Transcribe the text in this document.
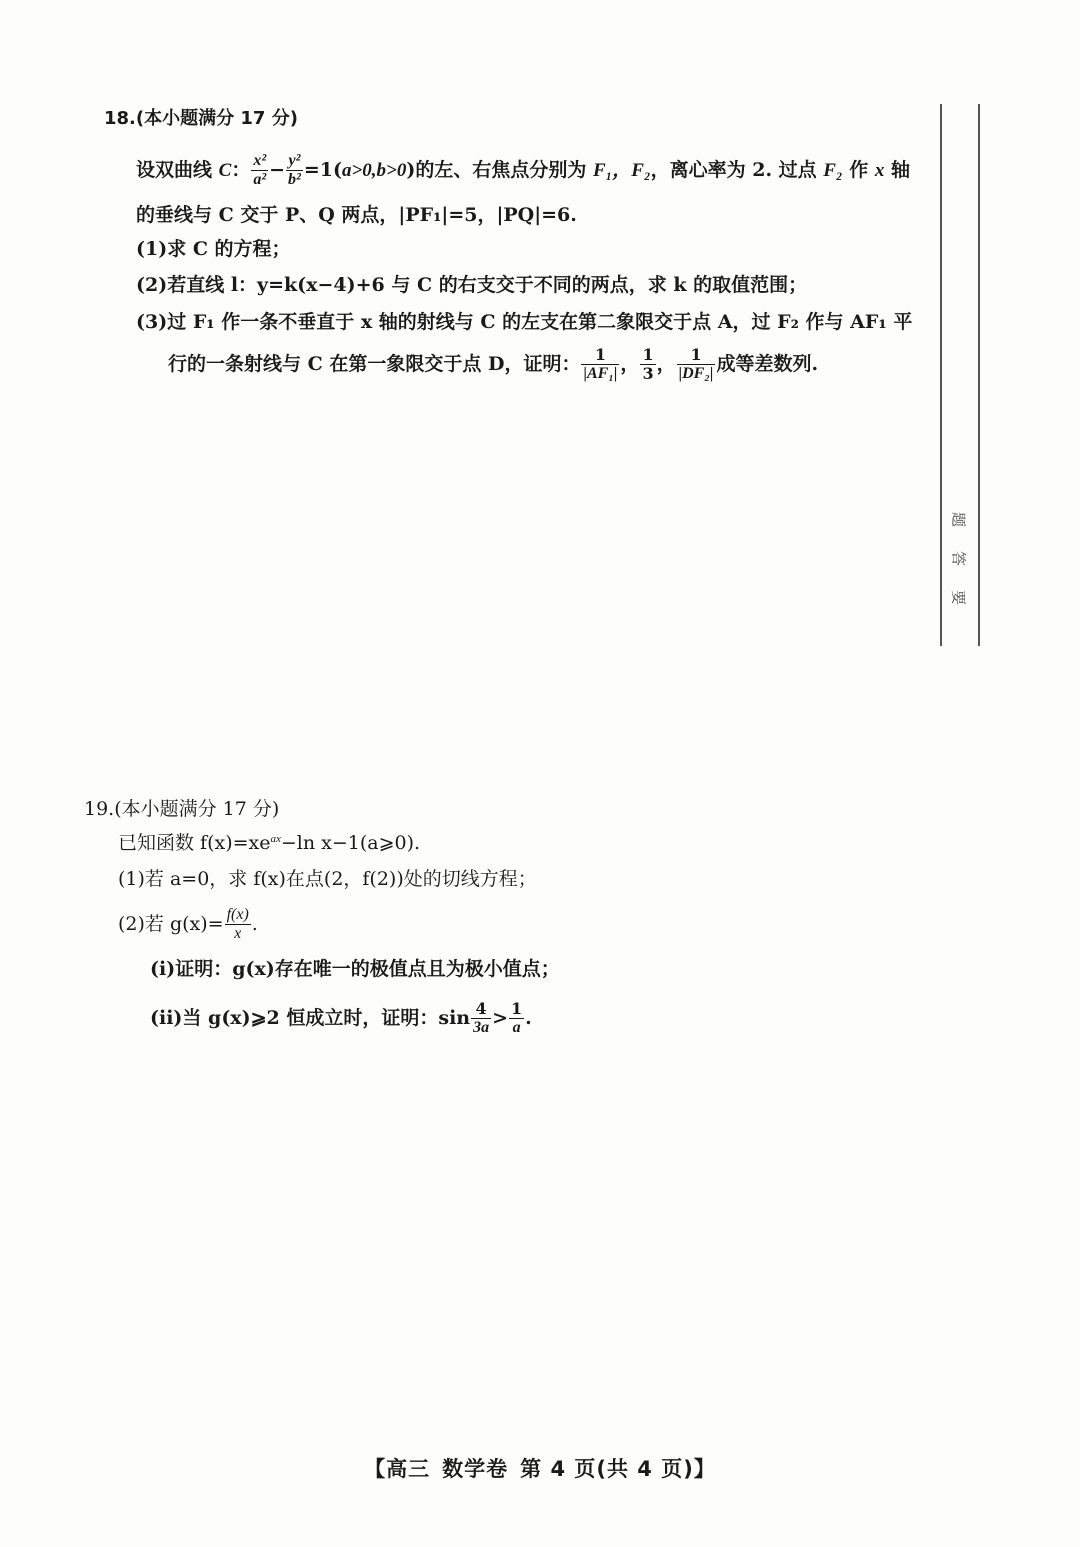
题
答
要
18.(本小题满分 17 分)
设双曲线 C： $\frac{\text{x²}}{\text{a²}} - \frac{\text{y²}}{\text{b²}} =1(a>0,b>0)$的左、右焦点分别为 F₁，F₂，离心率为 2. 过点 F₂ 作 x 轴
的垂线与 C 交于 P、Q 两点，|PF₁|=5，|PQ|=6.
(1)求 C 的方程；
(2)若直线 l：y=k(x−4)+6 与 C 的右支交于不同的两点，求 k 的取值范围；
(3)过 F₁ 作一条不垂直于 x 轴的射线与 C 的左支在第二象限交于点 A，过 F₂ 作与 AF₁ 平
行的一条射线与 C 在第一象限交于点 D，证明： $\frac{1}{\text{|AF₁|}}$ ， $\frac{1}{3}$ ， $\frac{1}{\text{|DF₂|}}$ 成等差数列.
19.(本小题满分 17 分)
已知函数 $f(x)=xe^{ax}-\ln$ x−1(a⩾0).
(1)若 a=0，求 f(x)在点(2，f(2))处的切线方程；
(2)若 $g(x)= \frac{f(x)}{x}$ .
(i)证明：g(x)存在唯一的极值点且为极小值点；
(ii)当 g(x)⩾2 恒成立时，证明：$\sin \frac{4}{3a} > \frac{1}{a}$ .
【高三 数学卷 第 4 页(共 4 页)】
